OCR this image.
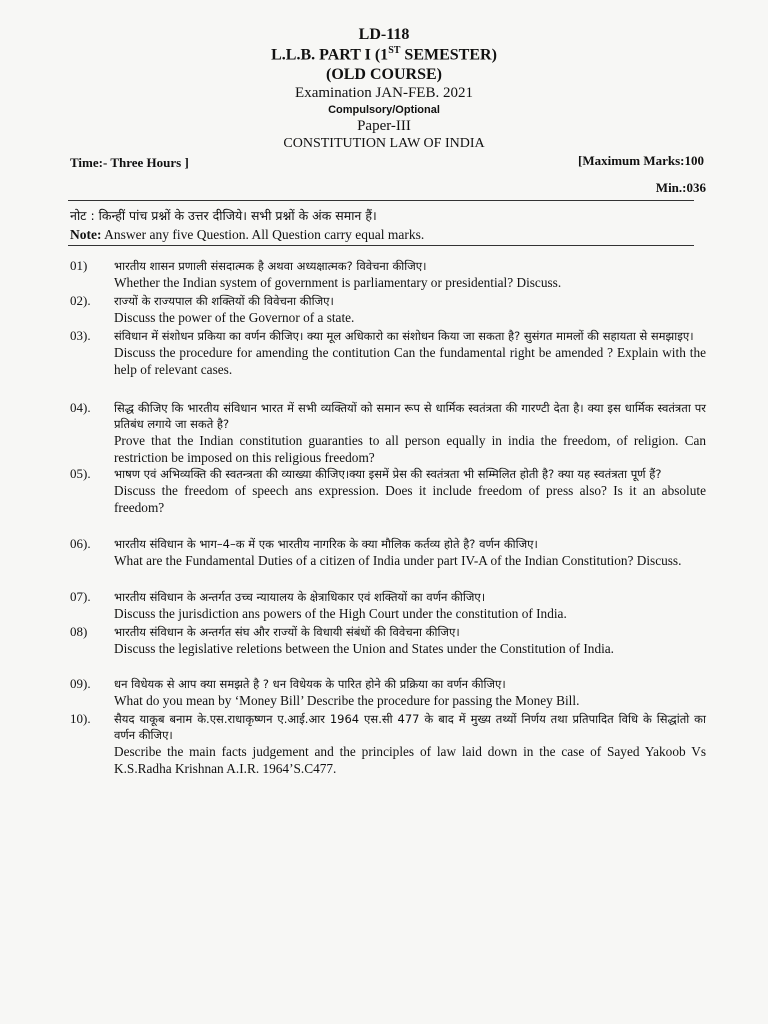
LD-118
L.L.B. PART I (1ST SEMESTER)
(OLD COURSE)
Examination JAN-FEB. 2021
Compulsory/Optional
Paper-III
CONSTITUTION LAW OF INDIA
Time:- Three Hours ]	[Maximum Marks:100
Min.:036
नोट : किन्हीं पांच प्रश्नों के उत्तर दीजिये। सभी प्रश्नों के अंक समान हैं।
Note: Answer any five Question. All Question carry equal marks.
01) भारतीय शासन प्रणाली संसदात्मक है अथवा अध्यक्षात्मक? विवेचना कीजिए।
Whether the Indian system of government is parliamentary or presidential? Discuss.
02). राज्यों के राज्यपाल की शक्तियों की विवेचना कीजिए।
Discuss the power of the Governor of a state.
03). संविधान में संशोधन प्रकिया का वर्णन कीजिए। क्या मूल अधिकारो का संशोधन किया जा सकता है? सुसंगत मामलों की सहायता से समझाइए।
Discuss the procedure for amending the contitution Can the fundamental right be amended ? Explain with the help of relevant cases.
04). सिद्ध कीजिए कि भारतीय संविधान भारत में सभी व्यक्तियों को समान रूप से धार्मिक स्वतंत्रता की गारण्टी देता है। क्या इस धार्मिक स्वतंत्रता पर प्रतिबंध लगाये जा सकते है?
Prove that the Indian constitution guaranties to all person equally in india the freedom, of religion. Can restriction be imposed on this religious freedom?
05). भाषण एवं अभिव्यक्ति की स्वतन्त्रता की व्याख्या कीजिए।क्या इसमें प्रेस की स्वतंत्रता भी सम्मिलित होती है? क्या यह स्वतंत्रता पूर्ण हैं?
Discuss the freedom of speech ans expression. Does it include freedom of press also? Is it an absolute freedom?
06). भारतीय संविधान के भाग–4–क में एक भारतीय नागरिक के क्या मौलिक कर्तव्य होते है? वर्णन कीजिए।
What are the Fundamental Duties of a citizen of India under part IV-A of the Indian Constitution? Discuss.
07). भारतीय संविधान के अन्तर्गत उच्च न्यायालय के क्षेत्राधिकार एवं शक्तियों का वर्णन कीजिए।
Discuss the jurisdiction ans powers of the High Court under the constitution of India.
08) भारतीय संविधान के अन्तर्गत संघ और राज्यों के विधायी संबंधों की विवेचना कीजिए।
Discuss the legislative reletions between the Union and States under the Constitution of India.
09). धन विधेयक से आप क्या समझते है ? धन विधेयक के पारित होने की प्रक्रिया का वर्णन कीजिए।
What do you mean by ‘Money Bill’ Describe the procedure for passing the Money Bill.
10). सैयद याकूब बनाम के.एस.राधाकृष्णन ए.आई.आर 1964 एस.सी 477 के बाद में मुख्य तथ्यों निर्णय तथा प्रतिपादित विधि के सिद्धांतो का वर्णन कीजिए।
Describe the main facts judgement and the principles of law laid down in the case of Sayed Yakoob Vs K.S.Radha Krishnan A.I.R. 1964’S.C477.
